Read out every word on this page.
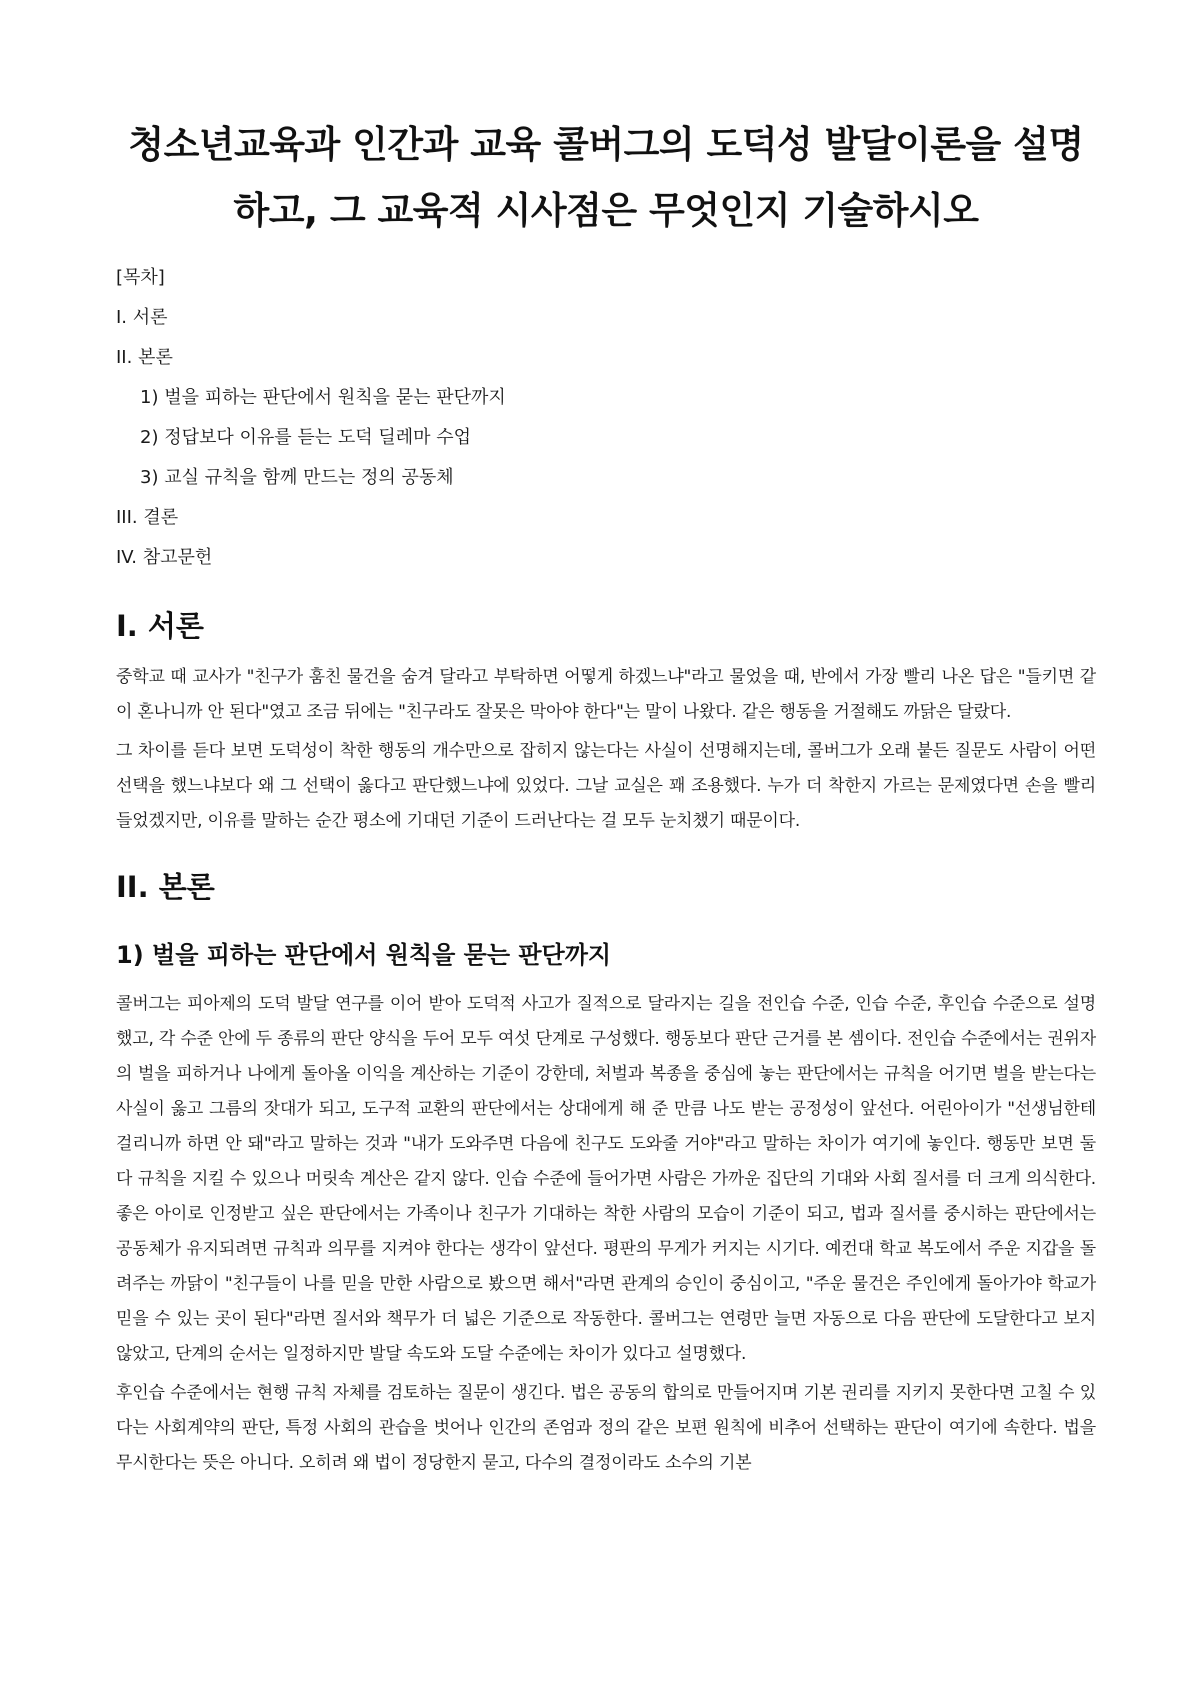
청소년교육과 인간과 교육 콜버그의 도덕성 발달이론을 설명하고, 그 교육적 시사점은 무엇인지 기술하시오

[목차]

I. 서론
II. 본론
1) 벌을 피하는 판단에서 원칙을 묻는 판단까지
2) 정답보다 이유를 듣는 도덕 딜레마 수업
3) 교실 규칙을 함께 만드는 정의 공동체
III. 결론
IV. 참고문헌
I. 서론

중학교 때 교사가 "친구가 훔친 물건을 숨겨 달라고 부탁하면 어떻게 하겠느냐"라고 물었을 때, 반에서 가장 빨리 나온 답은 "들키면 같이 혼나니까 안 된다"였고 조금 뒤에는 "친구라도 잘못은 막아야 한다"는 말이 나왔다. 같은 행동을 거절해도 까닭은 달랐다.

그 차이를 듣다 보면 도덕성이 착한 행동의 개수만으로 잡히지 않는다는 사실이 선명해지는데, 콜버그가 오래 붙든 질문도 사람이 어떤 선택을 했느냐보다 왜 그 선택이 옳다고 판단했느냐에 있었다. 그날 교실은 꽤 조용했다. 누가 더 착한지 가르는 문제였다면 손을 빨리 들었겠지만, 이유를 말하는 순간 평소에 기대던 기준이 드러난다는 걸 모두 눈치챘기 때문이다.

II. 본론
1) 벌을 피하는 판단에서 원칙을 묻는 판단까지

콜버그는 피아제의 도덕 발달 연구를 이어 받아 도덕적 사고가 질적으로 달라지는 길을 전인습 수준, 인습 수준, 후인습 수준으로 설명했고, 각 수준 안에 두 종류의 판단 양식을 두어 모두 여섯 단계로 구성했다. 행동보다 판단 근거를 본 셈이다. 전인습 수준에서는 권위자의 벌을 피하거나 나에게 돌아올 이익을 계산하는 기준이 강한데, 처벌과 복종을 중심에 놓는 판단에서는 규칙을 어기면 벌을 받는다는 사실이 옳고 그름의 잣대가 되고, 도구적 교환의 판단에서는 상대에게 해 준 만큼 나도 받는 공정성이 앞선다. 어린아이가 "선생님한테 걸리니까 하면 안 돼"라고 말하는 것과 "내가 도와주면 다음에 친구도 도와줄 거야"라고 말하는 차이가 여기에 놓인다. 행동만 보면 둘 다 규칙을 지킬 수 있으나 머릿속 계산은 같지 않다. 인습 수준에 들어가면 사람은 가까운 집단의 기대와 사회 질서를 더 크게 의식한다. 좋은 아이로 인정받고 싶은 판단에서는 가족이나 친구가 기대하는 착한 사람의 모습이 기준이 되고, 법과 질서를 중시하는 판단에서는 공동체가 유지되려면 규칙과 의무를 지켜야 한다는 생각이 앞선다. 평판의 무게가 커지는 시기다. 예컨대 학교 복도에서 주운 지갑을 돌려주는 까닭이 "친구들이 나를 믿을 만한 사람으로 봤으면 해서"라면 관계의 승인이 중심이고, "주운 물건은 주인에게 돌아가야 학교가 믿을 수 있는 곳이 된다"라면 질서와 책무가 더 넓은 기준으로 작동한다. 콜버그는 연령만 늘면 자동으로 다음 판단에 도달한다고 보지 않았고, 단계의 순서는 일정하지만 발달 속도와 도달 수준에는 차이가 있다고 설명했다.

후인습 수준에서는 현행 규칙 자체를 검토하는 질문이 생긴다. 법은 공동의 합의로 만들어지며 기본 권리를 지키지 못한다면 고칠 수 있다는 사회계약의 판단, 특정 사회의 관습을 벗어나 인간의 존엄과 정의 같은 보편 원칙에 비추어 선택하는 판단이 여기에 속한다. 법을 무시한다는 뜻은 아니다. 오히려 왜 법이 정당한지 묻고, 다수의 결정이라도 소수의 기본
